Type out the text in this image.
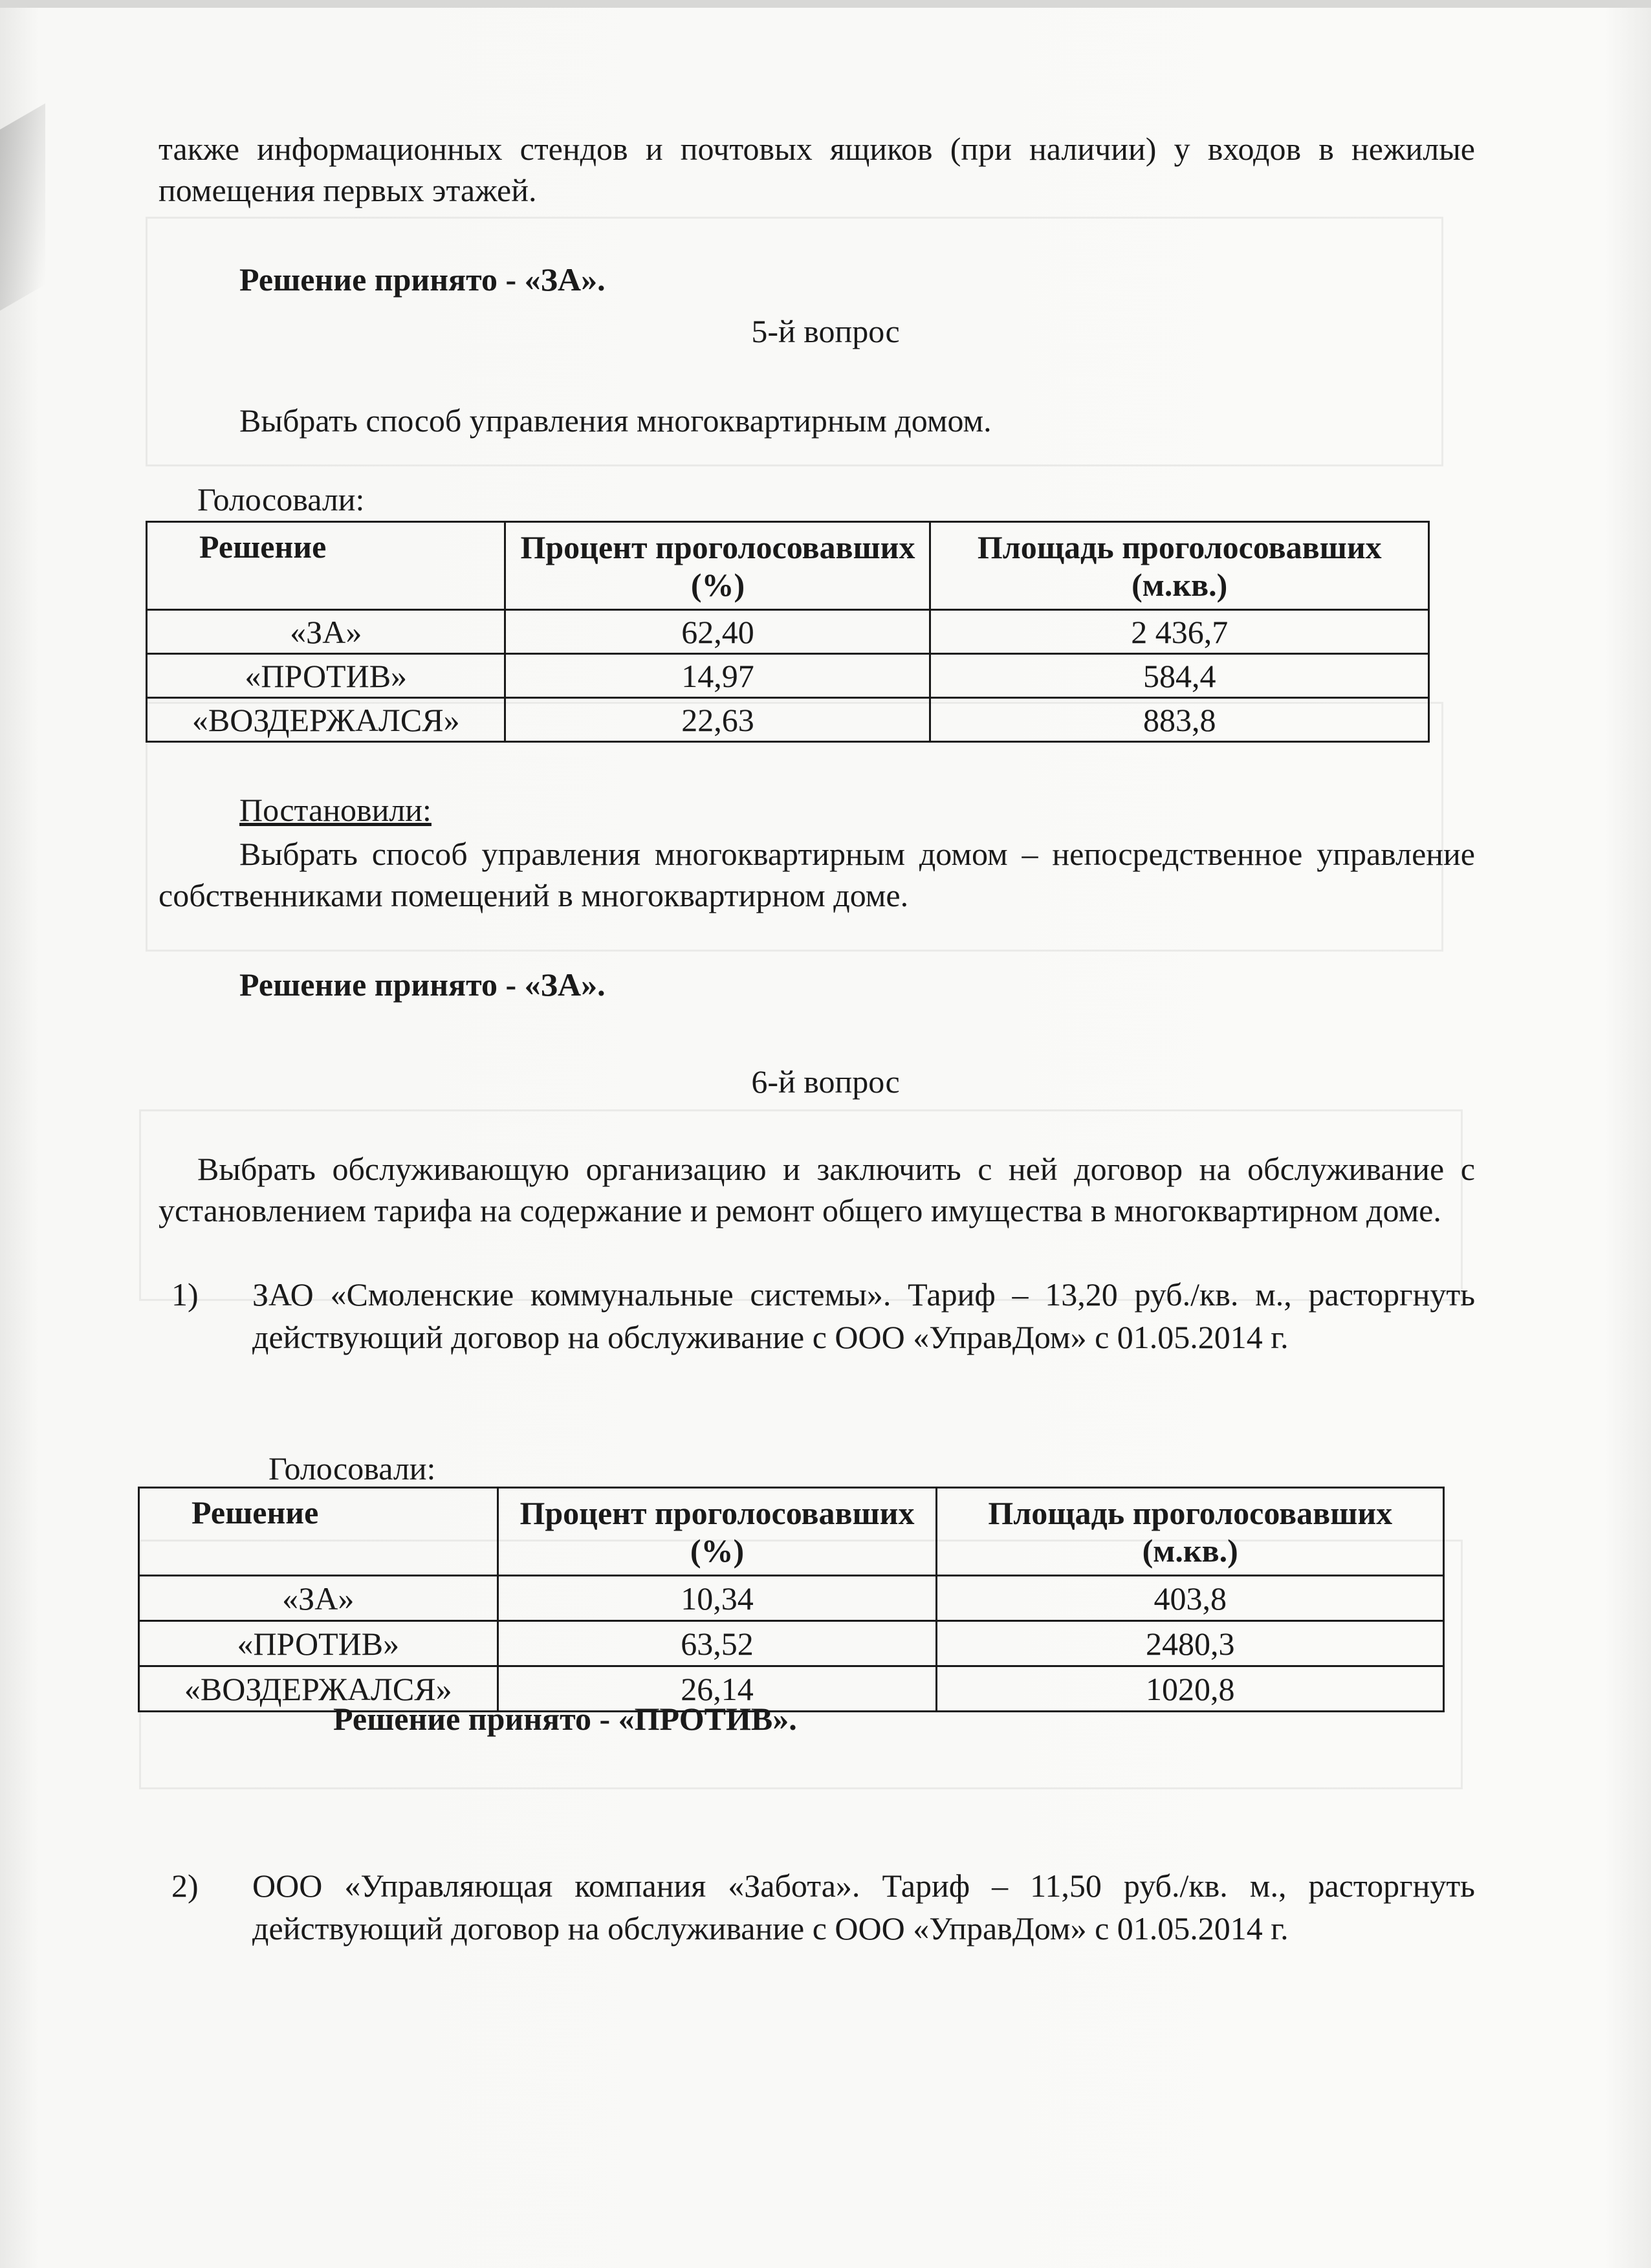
также информационных стендов и почтовых ящиков (при наличии) у входов в нежилые помещения первых этажей.
Решение принято - «ЗА».
5-й вопрос
Выбрать способ управления многоквартирным домом.
Голосовали:
Решение	Процент проголосовавших (%)	Площадь проголосовавших (м.кв.)
«ЗА»	62,40	2 436,7
«ПРОТИВ»	14,97	584,4
«ВОЗДЕРЖАЛСЯ»	22,63	883,8
Постановили:
Выбрать способ управления многоквартирным домом – непосредственное управление собственниками помещений в многоквартирном доме.
Решение принято - «ЗА».
6-й вопрос
Выбрать обслуживающую организацию и заключить с ней договор на обслуживание с установлением тарифа на содержание и ремонт общего имущества в многоквартирном доме.
1) ЗАО «Смоленские коммунальные системы». Тариф – 13,20 руб./кв. м., расторгнуть действующий договор на обслуживание с ООО «УправДом» с 01.05.2014 г.
Голосовали:
Решение	Процент проголосовавших (%)	Площадь проголосовавших (м.кв.)
«ЗА»	10,34	403,8
«ПРОТИВ»	63,52	2480,3
«ВОЗДЕРЖАЛСЯ»	26,14	1020,8
Решение принято - «ПРОТИВ».
2) ООО «Управляющая компания «Забота». Тариф – 11,50 руб./кв. м., расторгнуть действующий договор на обслуживание с ООО «УправДом» с 01.05.2014 г.
